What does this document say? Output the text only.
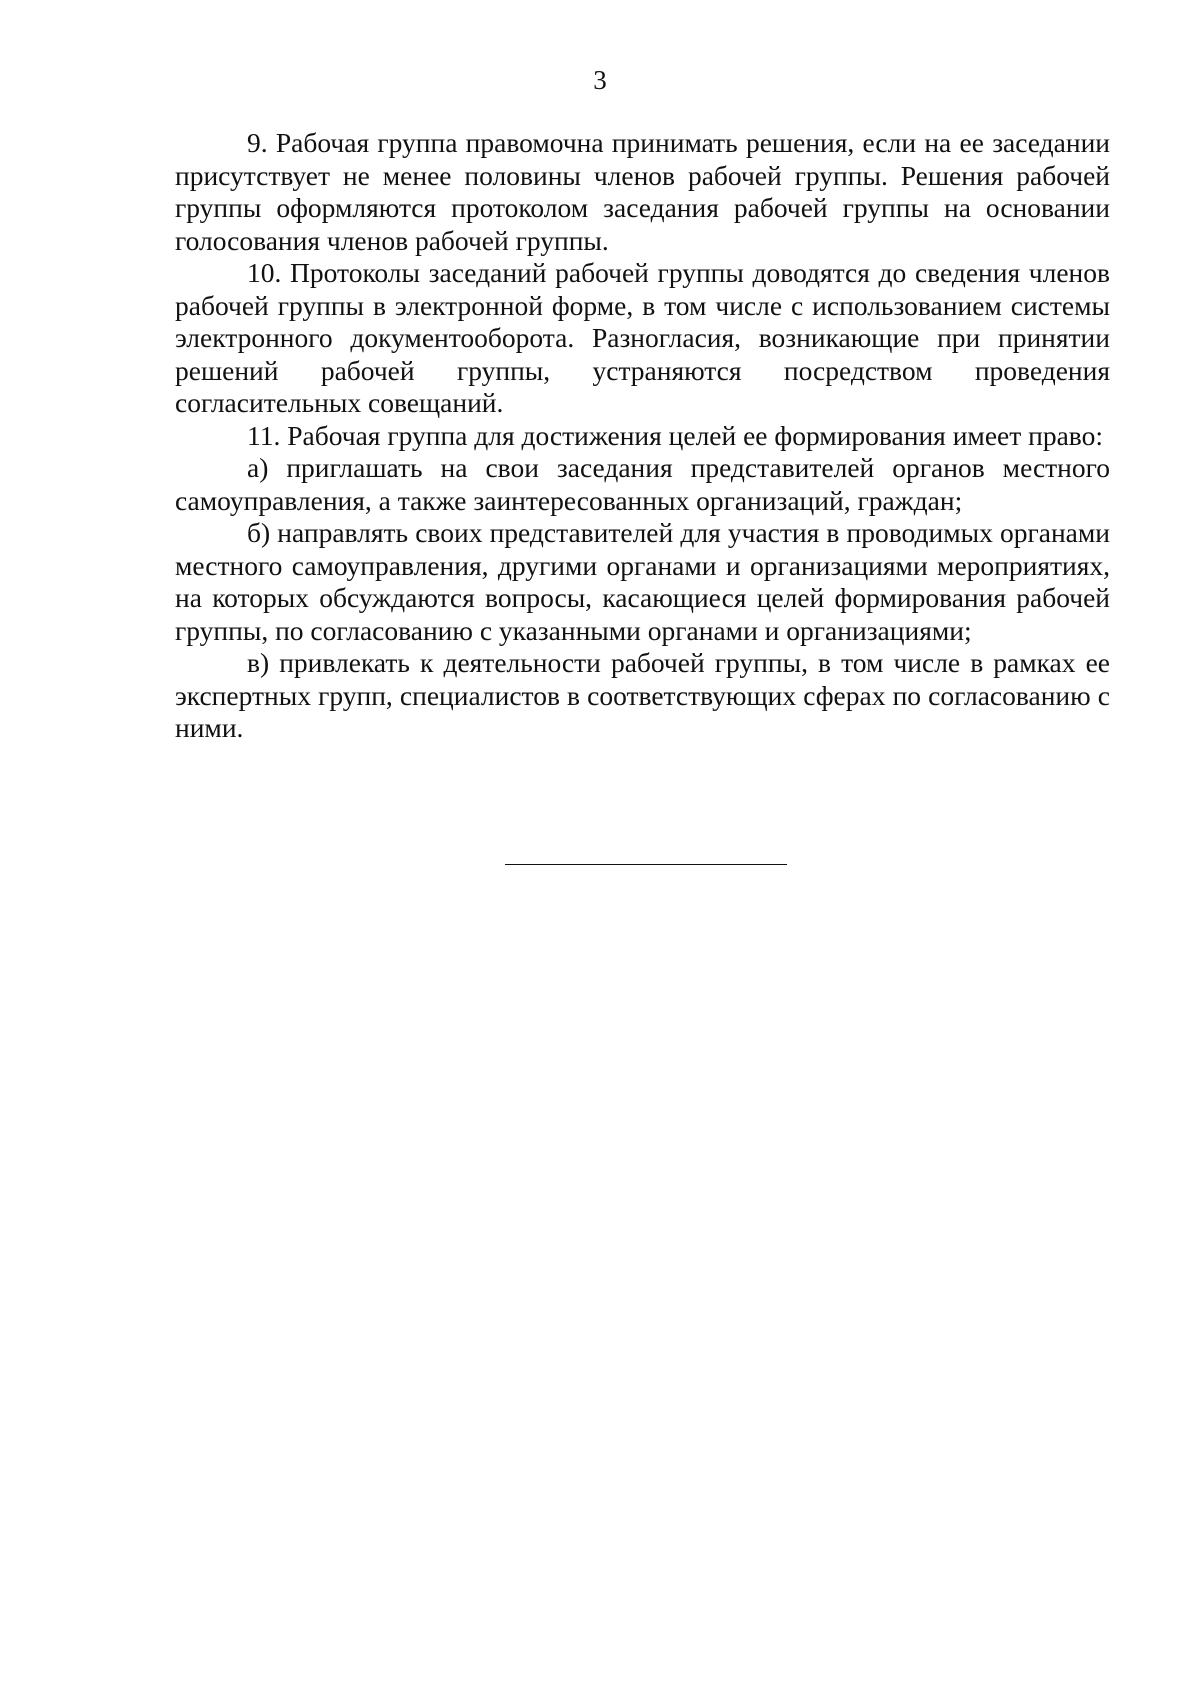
3

9. Рабочая группа правомочна принимать решения, если на ее заседании присутствует не менее половины членов рабочей группы. Решения рабочей группы оформляются протоколом заседания рабочей группы на основании голосования членов рабочей группы.

10. Протоколы заседаний рабочей группы доводятся до сведения членов рабочей группы в электронной форме, в том числе с использованием системы электронного документооборота. Разногласия, возникающие при принятии решений рабочей группы, устраняются посредством проведения согласительных совещаний.

11. Рабочая группа для достижения целей ее формирования имеет право:

а) приглашать на свои заседания представителей органов местного самоуправления, а также заинтересованных организаций, граждан;

б) направлять своих представителей для участия в проводимых органами местного самоуправления, другими органами и организациями мероприятиях, на которых обсуждаются вопросы, касающиеся целей формирования рабочей группы, по согласованию с указанными органами и организациями;

в) привлекать к деятельности рабочей группы, в том числе в рамках ее экспертных групп, специалистов в соответствующих сферах по согласованию с ними.
